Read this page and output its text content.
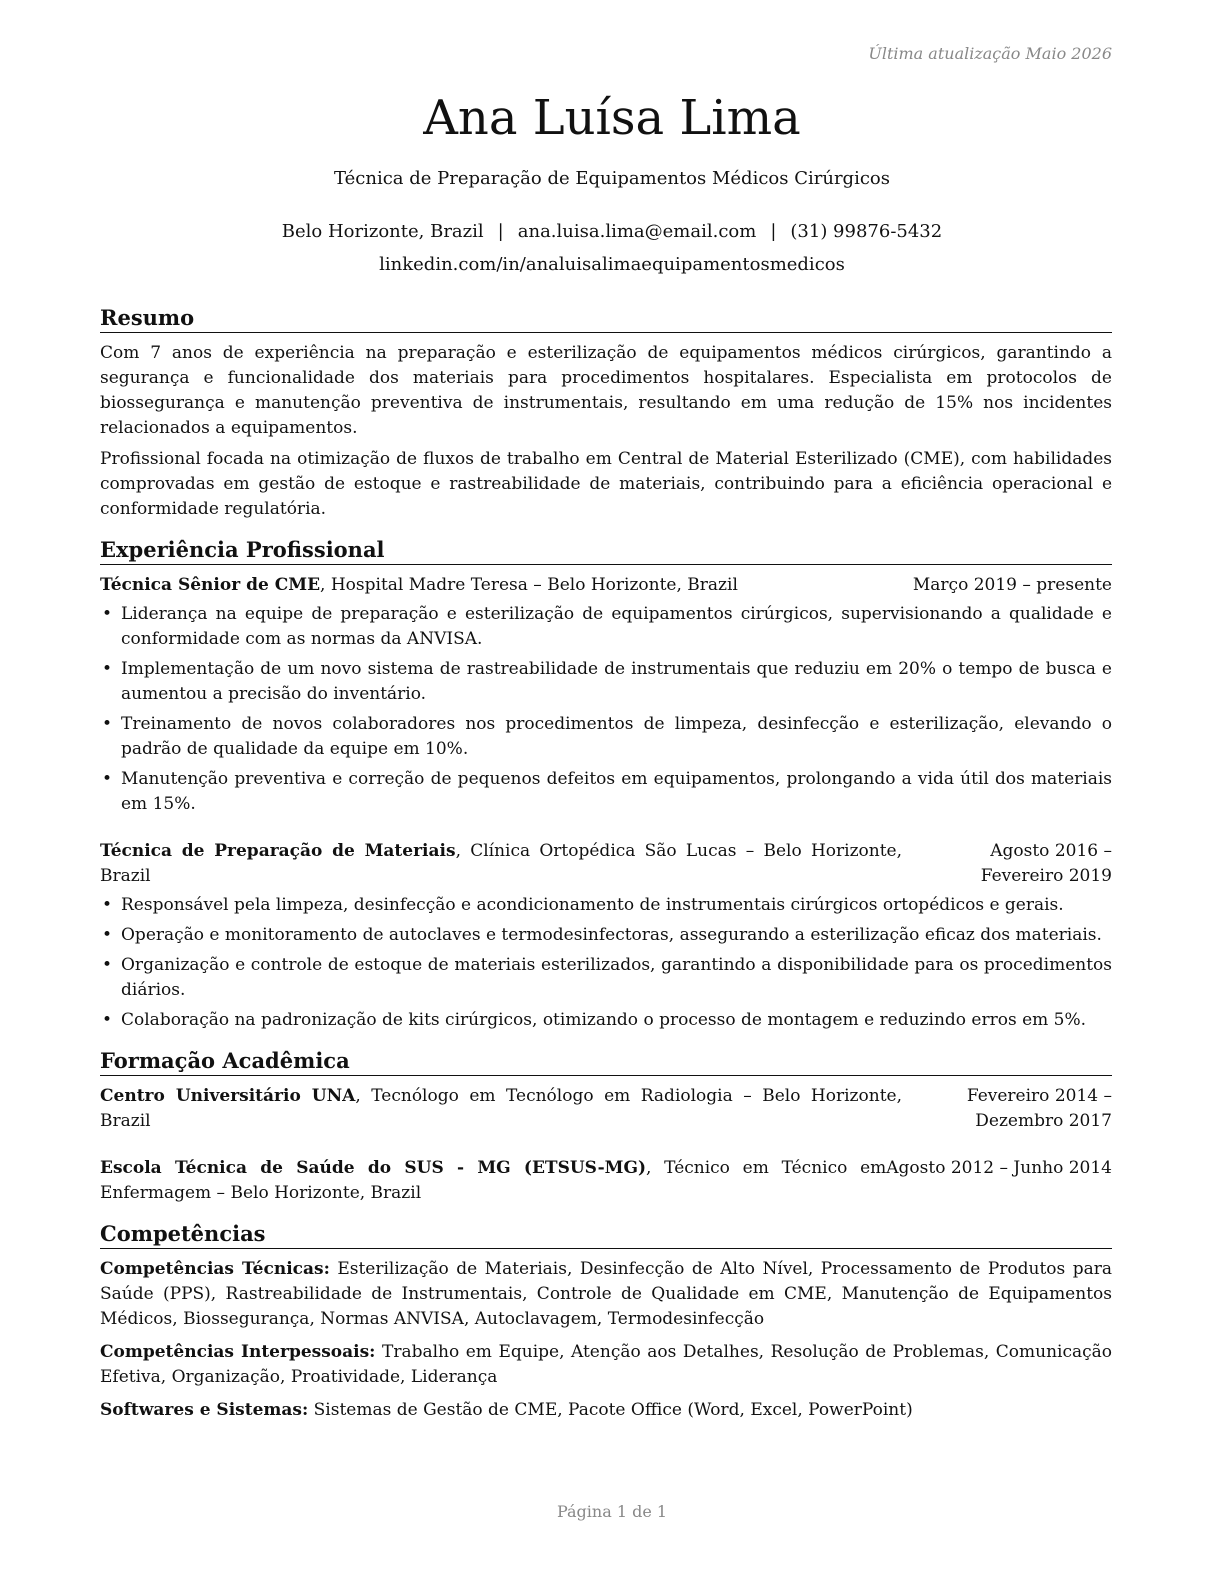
Última atualização Maio 2026
Ana Luísa Lima
Técnica de Preparação de Equipamentos Médicos Cirúrgicos
Belo Horizonte, Brazil | ana.luisa.lima@email.com | (31) 99876-5432
linkedin.com/in/analuisalimaequipamentosmedicos
Resumo

Com 7 anos de experiência na preparação e esterilização de equipamentos médicos cirúrgicos, garantindo a segurança e funcionalidade dos materiais para procedimentos hospitalares. Especialista em protocolos de biossegurança e manutenção preventiva de instrumentais, resultando em uma redução de 15% nos incidentes relacionados a equipamentos.

Profissional focada na otimização de fluxos de trabalho em Central de Material Esterilizado (CME), com habilidades comprovadas em gestão de estoque e rastreabilidade de materiais, contribuindo para a eficiência operacional e conformidade regulatória.

Experiência Profissional
Técnica Sênior de CME, Hospital Madre Teresa – Belo Horizonte, Brazil	Março 2019 – presente
• Liderança na equipe de preparação e esterilização de equipamentos cirúrgicos, supervisionando a qualidade e conformidade com as normas da ANVISA.
• Implementação de um novo sistema de rastreabilidade de instrumentais que reduziu em 20% o tempo de busca e aumentou a precisão do inventário.
• Treinamento de novos colaboradores nos procedimentos de limpeza, desinfecção e esterilização, elevando o padrão de qualidade da equipe em 10%.
• Manutenção preventiva e correção de pequenos defeitos em equipamentos, prolongando a vida útil dos materiais em 15%.
Técnica de Preparação de Materiais, Clínica Ortopédica São Lucas – Belo Horizonte, Brazil
Agosto 2016 – Fevereiro 2019
• Responsável pela limpeza, desinfecção e acondicionamento de instrumentais cirúrgicos ortopédicos e gerais.
• Operação e monitoramento de autoclaves e termodesinfectoras, assegurando a esterilização eficaz dos materiais.
• Organização e controle de estoque de materiais esterilizados, garantindo a disponibilidade para os procedimentos diários.
• Colaboração na padronização de kits cirúrgicos, otimizando o processo de montagem e reduzindo erros em 5%.
Formação Acadêmica
Centro Universitário UNA, Tecnólogo em Tecnólogo em Radiologia – Belo Horizonte, Brazil
Fevereiro 2014 – Dezembro 2017
Agosto 2012 – Junho 2014
Escola Técnica de Saúde do SUS - MG (ETSUS-MG), Técnico em Técnico em Enfermagem – Belo Horizonte, Brazil
Competências

Competências Técnicas: Esterilização de Materiais, Desinfecção de Alto Nível, Processamento de Produtos para Saúde (PPS), Rastreabilidade de Instrumentais, Controle de Qualidade em CME, Manutenção de Equipamentos Médicos, Biossegurança, Normas ANVISA, Autoclavagem, Termodesinfecção

Competências Interpessoais: Trabalho em Equipe, Atenção aos Detalhes, Resolução de Problemas, Comunicação Efetiva, Organização, Proatividade, Liderança

Softwares e Sistemas: Sistemas de Gestão de CME, Pacote Office (Word, Excel, PowerPoint)

Página 1 de 1
